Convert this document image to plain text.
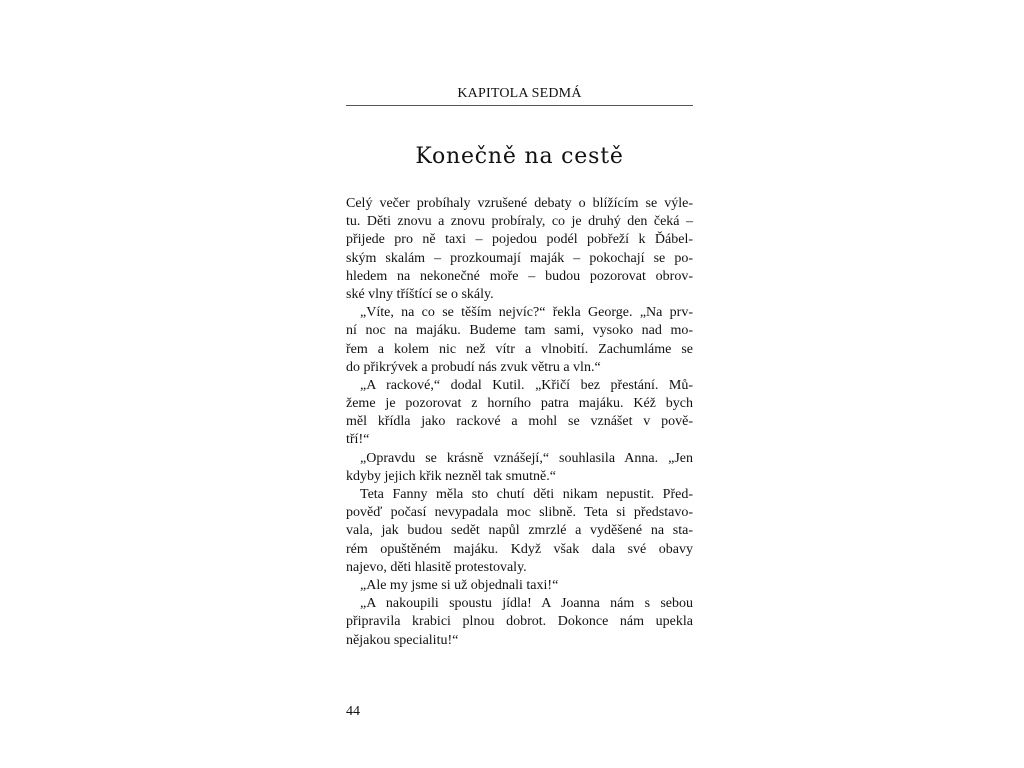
KAPITOLA SEDMÁ
Konečně na cestě
Celý večer probíhaly vzrušené debaty o blížícím se výle-
tu. Děti znovu a znovu probíraly, co je druhý den čeká –
přijede pro ně taxi – pojedou podél pobřeží k Ďábel-
ským skalám – prozkoumají maják – pokochají se po-
hledem na nekonečné moře – budou pozorovat obrov-
ské vlny tříštící se o skály.
„Víte, na co se těším nejvíc?“ řekla George. „Na prv-
ní noc na majáku. Budeme tam sami, vysoko nad mo-
řem a kolem nic než vítr a vlnobití. Zachumláme se
do přikrývek a probudí nás zvuk větru a vln.“
„A rackové,“ dodal Kutil. „Křičí bez přestání. Mů-
žeme je pozorovat z horního patra majáku. Kéž bych
měl křídla jako rackové a mohl se vznášet v pově-
tří!“
„Opravdu se krásně vznášejí,“ souhlasila Anna. „Jen
kdyby jejich křik nezněl tak smutně.“
Teta Fanny měla sto chutí děti nikam nepustit. Před-
pověď počasí nevypadala moc slibně. Teta si představo-
vala, jak budou sedět napůl zmrzlé a vyděšené na sta-
rém opuštěném majáku. Když však dala své obavy
najevo, děti hlasitě protestovaly.
„Ale my jsme si už objednali taxi!“
„A nakoupili spoustu jídla! A Joanna nám s sebou
připravila krabici plnou dobrot. Dokonce nám upekla
nějakou specialitu!“
44
